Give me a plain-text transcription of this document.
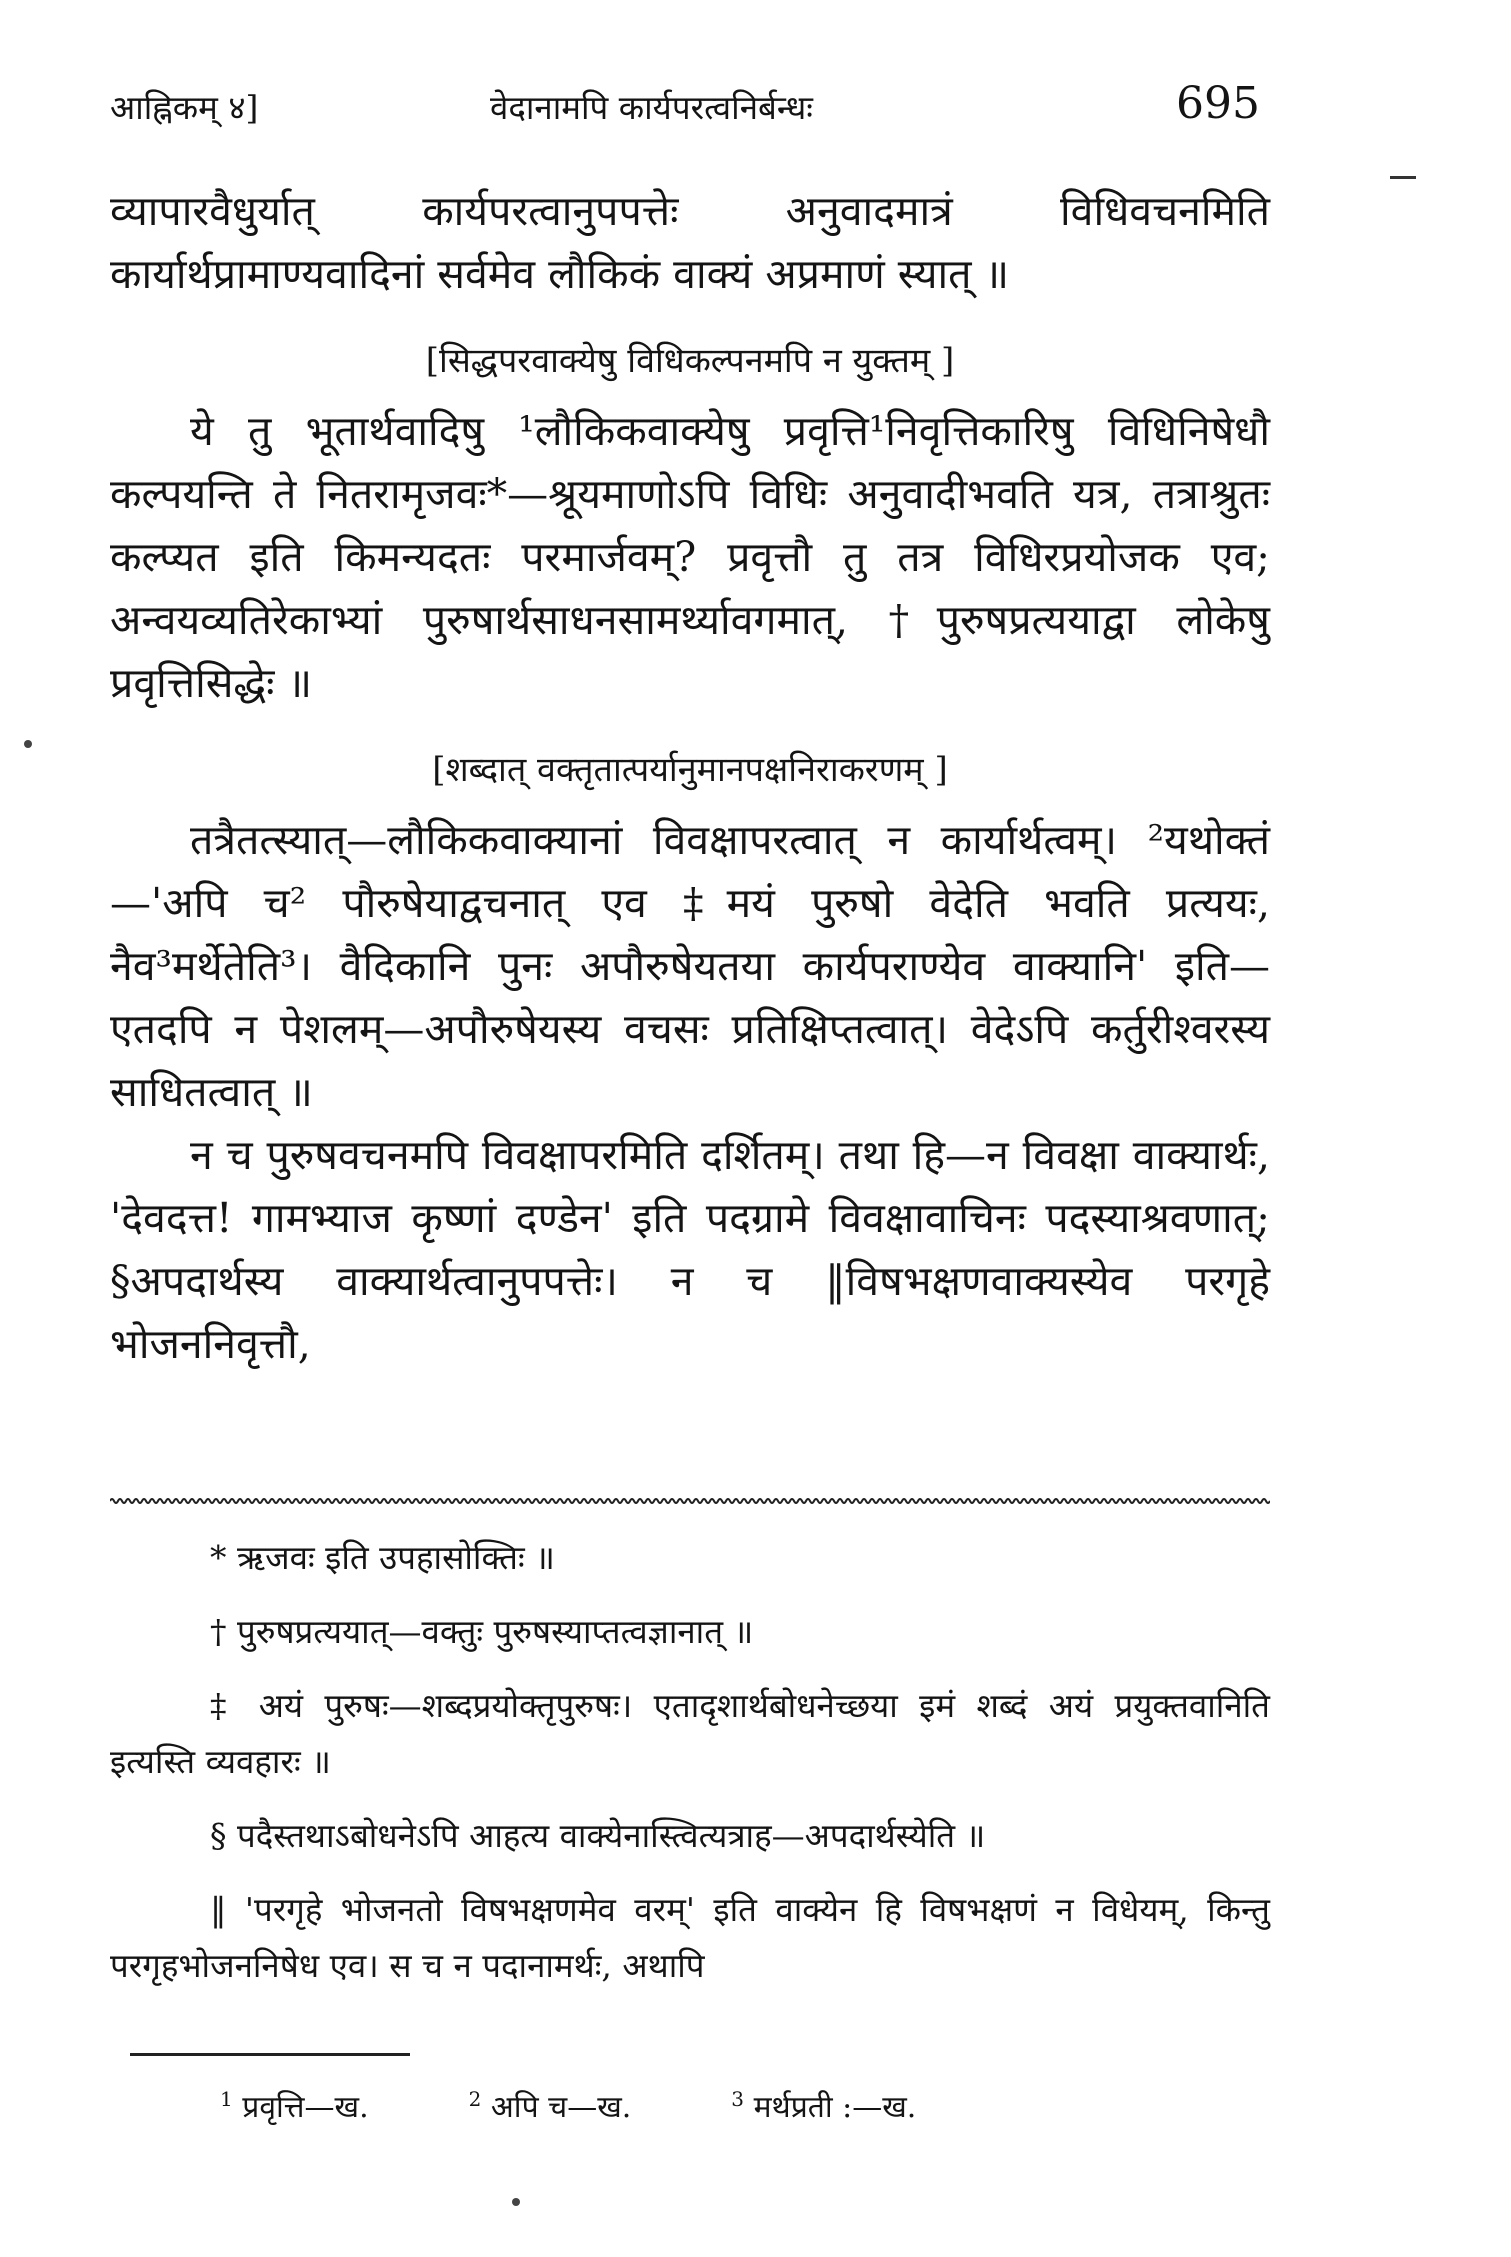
आह्निकम् ४]	वेदानामपि कार्यपरत्वनिर्बन्धः	695

व्यापारवैधुर्यात् कार्यपरत्वानुपपत्तेः अनुवादमात्रं विधिवचनमिति कार्यार्थप्रामाण्यवादिनां सर्वमेव लौकिकं वाक्यं अप्रमाणं स्यात् ॥

[सिद्धपरवाक्येषु विधिकल्पनमपि न युक्तम् ]

ये तु भूतार्थवादिषु ¹लौकिकवाक्येषु प्रवृत्ति¹निवृत्तिकारिषु विधिनिषेधौ कल्पयन्ति ते नितरामृजवः*—श्रूयमाणोऽपि विधिः अनुवादीभवति यत्र, तत्राश्रुतः कल्प्यत इति किमन्यदतः परमार्जवम्? प्रवृत्तौ तु तत्र विधिरप्रयोजक एव; अन्वयव्यतिरेकाभ्यां पुरुषार्थसाधनसामर्थ्यावगमात्, †पुरुषप्रत्ययाद्वा लोकेषु प्रवृत्तिसिद्धेः ॥

[शब्दात् वक्तृतात्पर्यानुमानपक्षनिराकरणम् ]

तत्रैतत्स्यात्—लौकिकवाक्यानां विवक्षापरत्वात् न कार्यार्थत्वम्। ²यथोक्तं—'अपि च² पौरुषेयाद्वचनात् एव ‡मयं पुरुषो वेदेति भवति प्रत्ययः, नैव³मर्थेतेति³। वैदिकानि पुनः अपौरुषेयतया कार्यपराण्येव वाक्यानि' इति—एतदपि न पेशलम्—अपौरुषेयस्य वचसः प्रतिक्षिप्तत्वात्। वेदेऽपि कर्तुरीश्वरस्य साधितत्वात् ॥

न च पुरुषवचनमपि विवक्षापरमिति दर्शितम्। तथा हि—न विवक्षा वाक्यार्थः, 'देवदत्त! गामभ्याज कृष्णां दण्डेन' इति पदग्रामे विवक्षावाचिनः पदस्याश्रवणात्; §अपदार्थस्य वाक्यार्थत्वानुपपत्तेः। न च ‖विषभक्षणवाक्यस्येव परगृहे भोजननिवृत्तौ,

* ऋजवः इति उपहासोक्तिः ॥

† पुरुषप्रत्ययात्—वक्तुः पुरुषस्याप्तत्वज्ञानात् ॥

‡ अयं पुरुषः—शब्दप्रयोक्तृपुरुषः। एतादृशार्थबोधनेच्छया इमं शब्दं अयं प्रयुक्तवानिति इत्यस्ति व्यवहारः ॥

§ पदैस्तथाऽबोधनेऽपि आहत्य वाक्येनास्त्वित्यत्राह—अपदार्थस्येति ॥

‖ 'परगृहे भोजनतो विषभक्षणमेव वरम्' इति वाक्येन हि विषभक्षणं न विधेयम्, किन्तु परगृहभोजननिषेध एव। स च न पदानामर्थः, अथापि

$^1$ प्रवृत्ति—ख.	$^2$ अपि च—ख.	$^3$ मर्थप्रती :—ख.
